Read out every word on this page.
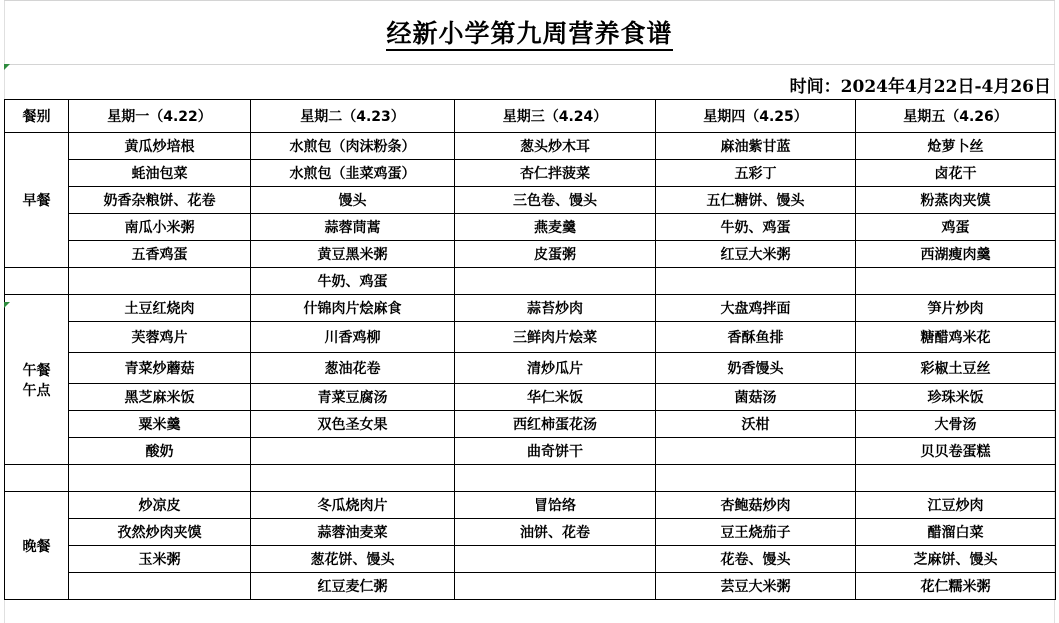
经新小学第九周营养食谱
时间：2024年4月22日-4月26日
餐别	星期一（4.22）	星期二（4.23）	星期三（4.24）	星期四（4.25）	星期五（4.26）
早餐	黄瓜炒培根	水煎包（肉沫粉条）	葱头炒木耳	麻油紫甘蓝	炝萝卜丝
	蚝油包菜	水煎包（韭菜鸡蛋）	杏仁拌菠菜	五彩丁	卤花干
	奶香杂粮饼、花卷	馒头	三色卷、馒头	五仁糖饼、馒头	粉蒸肉夹馍
	南瓜小米粥	蒜蓉茼蒿	燕麦羹	牛奶、鸡蛋	鸡蛋
	五香鸡蛋	黄豆黑米粥	皮蛋粥	红豆大米粥	西湖瘦肉羹
		牛奶、鸡蛋			

午餐
午点	土豆红烧肉	什锦肉片烩麻食	蒜苔炒肉	大盘鸡拌面	笋片炒肉
	芙蓉鸡片	川香鸡柳	三鲜肉片烩菜	香酥鱼排	糖醋鸡米花
	青菜炒蘑菇	葱油花卷	清炒瓜片	奶香馒头	彩椒土豆丝
	黑芝麻米饭	青菜豆腐汤	华仁米饭	菌菇汤	珍珠米饭
	粟米羹	双色圣女果	西红柿蛋花汤	沃柑	大骨汤
	酸奶		曲奇饼干		贝贝卷蛋糕

晚餐	炒凉皮	冬瓜烧肉片	冒饸络	杏鲍菇炒肉	江豆炒肉
	孜然炒肉夹馍	蒜蓉油麦菜	油饼、花卷	豆王烧茄子	醋溜白菜
	玉米粥	葱花饼、馒头		花卷、馒头	芝麻饼、馒头
		红豆麦仁粥		芸豆大米粥	花仁糯米粥
